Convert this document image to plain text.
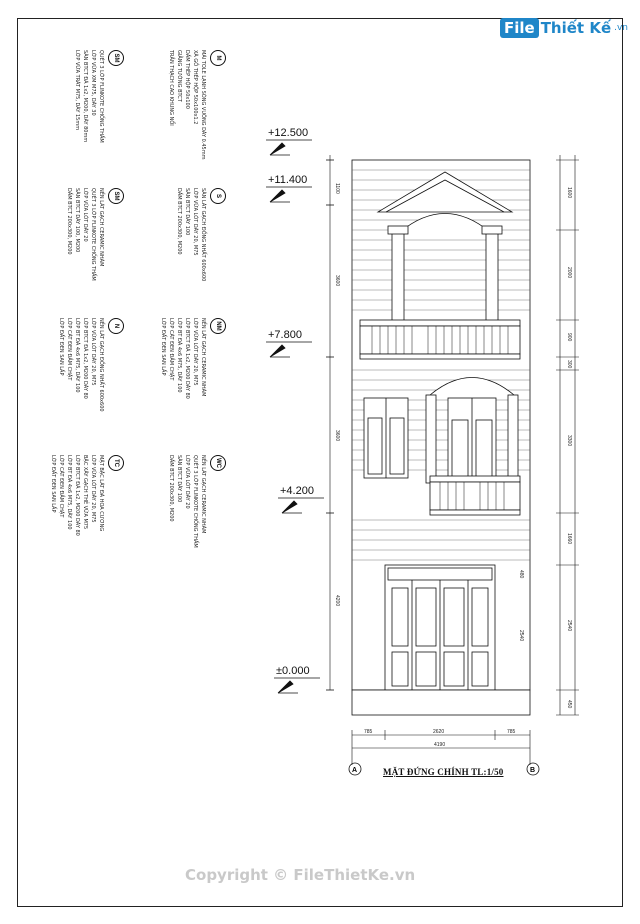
File Thiết Kế .vn
M
MÁI TOLE LẠNH SÓNG VUÔNG DÀY 0.45mm
XÀ GỒ THÉP HỘP 50x100x1.2
DẦM THÉP HỘP 50x100
GIẰNG TƯỜNG BTCT
TRẦN THẠCH CAO KHUNG NỔI
SM
QUÉT 3 LỚP FLINKOTE CHỐNG THẤM
LỚP VỮA XM M75, DÀY 30
SÀN BTCT ĐÁ 1x2, M200, DÀY 80mm
LỚP VỮA TRÁT M75, DÀY 15mm
S
SÀN LÁT GẠCH ĐỒNG NHẤT 600x600
LỚP VỮA LÓT DÀY 20, M75
SÀN BTCT DÀY 100
DẦM BTCT 200x300, M200
SM
NỀN LÁT GẠCH CERAMIC NHÁM
QUÉT 3 LỚP FLINKOTE CHỐNG THẤM
LỚP VỮA LÓT DÀY 20
SÀN BTCT DÀY 100, M200
DẦM BTCT 200x300, M200
NM
NỀN LÁT GẠCH CERAMIC NHÁM
LỚP VỮA LÓT DÀY 20, M75
LỚP BTCT ĐÁ 1x2, M200 DÀY 80
LỚP BT ĐÁ 4x6 M75, DÀY 100
LỚP CÁT ĐEN ĐẦM CHẶT
LỚP ĐẤT ĐEN SAN LẤP
N
NỀN LÁT GẠCH ĐỒNG NHẤT 600x600
LỚP VỮA LÓT DÀY 20, M75
LỚP BTCT ĐÁ 1x2, M200 DÀY 80
LỚP BT ĐÁ 4x6 M75, DÀY 100
LỚP CÁT ĐEN ĐẦM CHẶT
LỚP ĐẤT ĐEN SAN LẤP
WC
NỀN LÁT GẠCH CERAMIC NHÁM
QUÉT 3 LỚP FLINKOTE CHỐNG THẤM
LỚP VỮA LÓT DÀY 20
SÀN BTCT DÀY 100
DẦM BTCT 200x300, M200
TC
MẶT BẬC LÁT ĐÁ HOA CƯƠNG
LỚP VỮA LÓT DÀY 20, M75
BẬC XÂY GẠCH THẺ VỮA M75
LỚP BTCT ĐÁ 1x2, M200 DÀY 80
LỚP BT ĐÁ 4x6 M75, DÀY 100
LỚP CÁT ĐEN ĐẦM CHẶT
LỚP ĐẤT ĐEN SAN LẤP
+12.500
+11.400
+7.800
+4.200
±0.000
1100
3600
3600
4200
1600
2000
900
300
3300
1660
2540
450
480
2540
785	2620	785
4190
A	B
MẶT ĐỨNG CHÍNH TL:1/50
Copyright © FileThietKe.vn
